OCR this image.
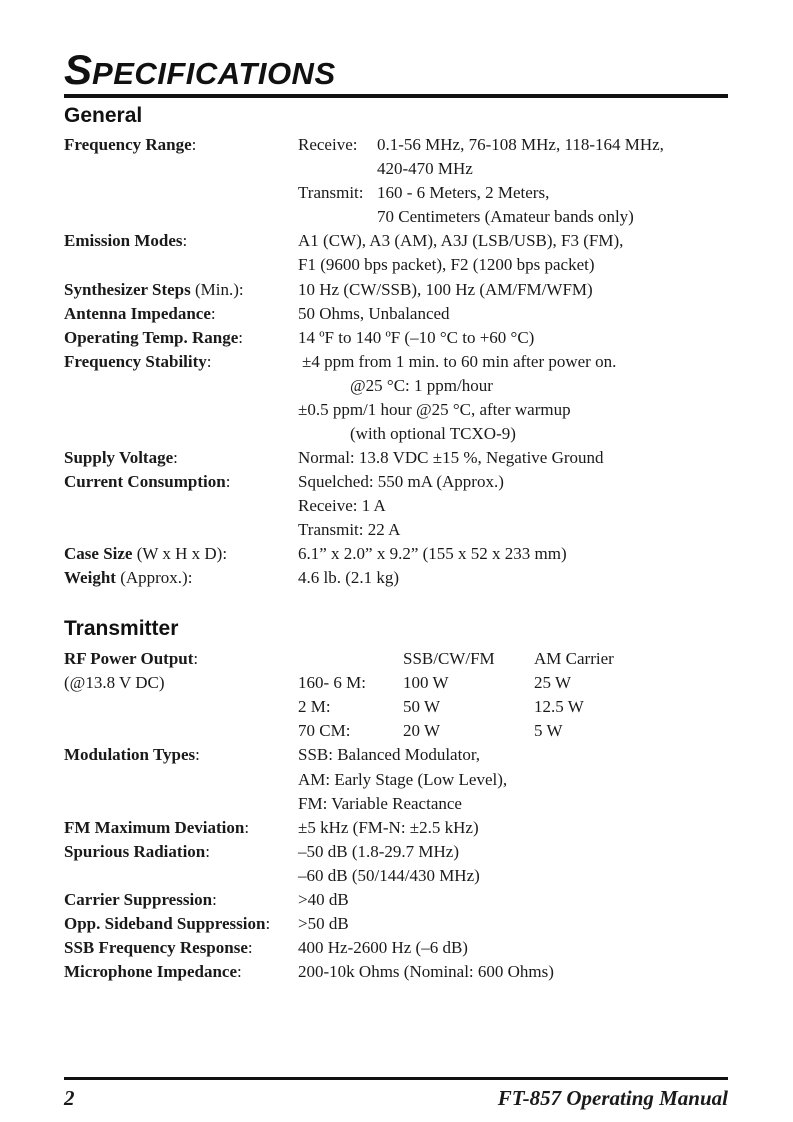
SPECIFICATIONS
General
Frequency Range:	Receive: 0.1-56 MHz, 76-108 MHz, 118-164 MHz,
420-470 MHz
Transmit: 160 - 6 Meters, 2 Meters,
70 Centimeters (Amateur bands only)
Emission Modes:	A1 (CW), A3 (AM), A3J (LSB/USB), F3 (FM),
F1 (9600 bps packet), F2 (1200 bps packet)
Synthesizer Steps (Min.):	10 Hz (CW/SSB), 100 Hz (AM/FM/WFM)
Antenna Impedance:	50 Ohms, Unbalanced
Operating Temp. Range:	14 ºF to 140 ºF (–10 °C to +60 °C)
Frequency Stability:	±4 ppm from 1 min. to 60 min after power on.
@25 °C: 1 ppm/hour
±0.5 ppm/1 hour @25 °C, after warmup
(with optional TCXO-9)
Supply Voltage:	Normal: 13.8 VDC ±15 %, Negative Ground
Current Consumption:	Squelched: 550 mA (Approx.)
Receive: 1 A
Transmit: 22 A
Case Size (W x H x D):	6.1” x 2.0” x 9.2” (155 x 52 x 233 mm)
Weight (Approx.):	4.6 lb. (2.1 kg)
Transmitter
RF Power Output:
(@13.8 V DC)
SSB/CW/FM AM Carrier
160- 6 M: 100 W	25 W
2 M:	50 W	12.5 W
70 CM:	20 W	5 W
Modulation Types:	SSB: Balanced Modulator,
AM: Early Stage (Low Level),
FM: Variable Reactance
FM Maximum Deviation:	±5 kHz (FM-N: ±2.5 kHz)
Spurious Radiation:	–50 dB (1.8-29.7 MHz)
–60 dB (50/144/430 MHz)
Carrier Suppression:	>40 dB
Opp. Sideband Suppression: >50 dB
SSB Frequency Response:	400 Hz-2600 Hz (–6 dB)
Microphone Impedance:	200-10k Ohms (Nominal: 600 Ohms)
2	FT-857 Operating Manual
